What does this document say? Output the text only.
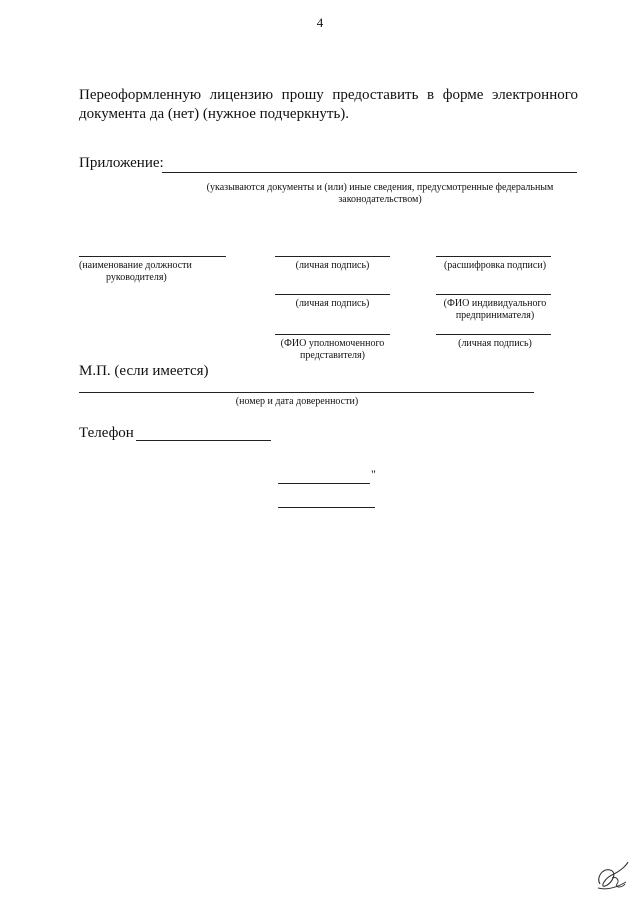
4
Переоформленную лицензию прошу предоставить в форме электронного документа да (нет) (нужное подчеркнуть).
Приложение:
(указываются документы и (или) иные сведения, предусмотренные федеральным
законодательством)
(наименование должности
руководителя)
(личная подпись)	(расшифровка подписи)
(личная подпись)	(ФИО индивидуального
предпринимателя)
(ФИО уполномоченного
представителя)
(личная подпись)
М.П. (если имеется)
(номер и дата доверенности)
Телефон
"
